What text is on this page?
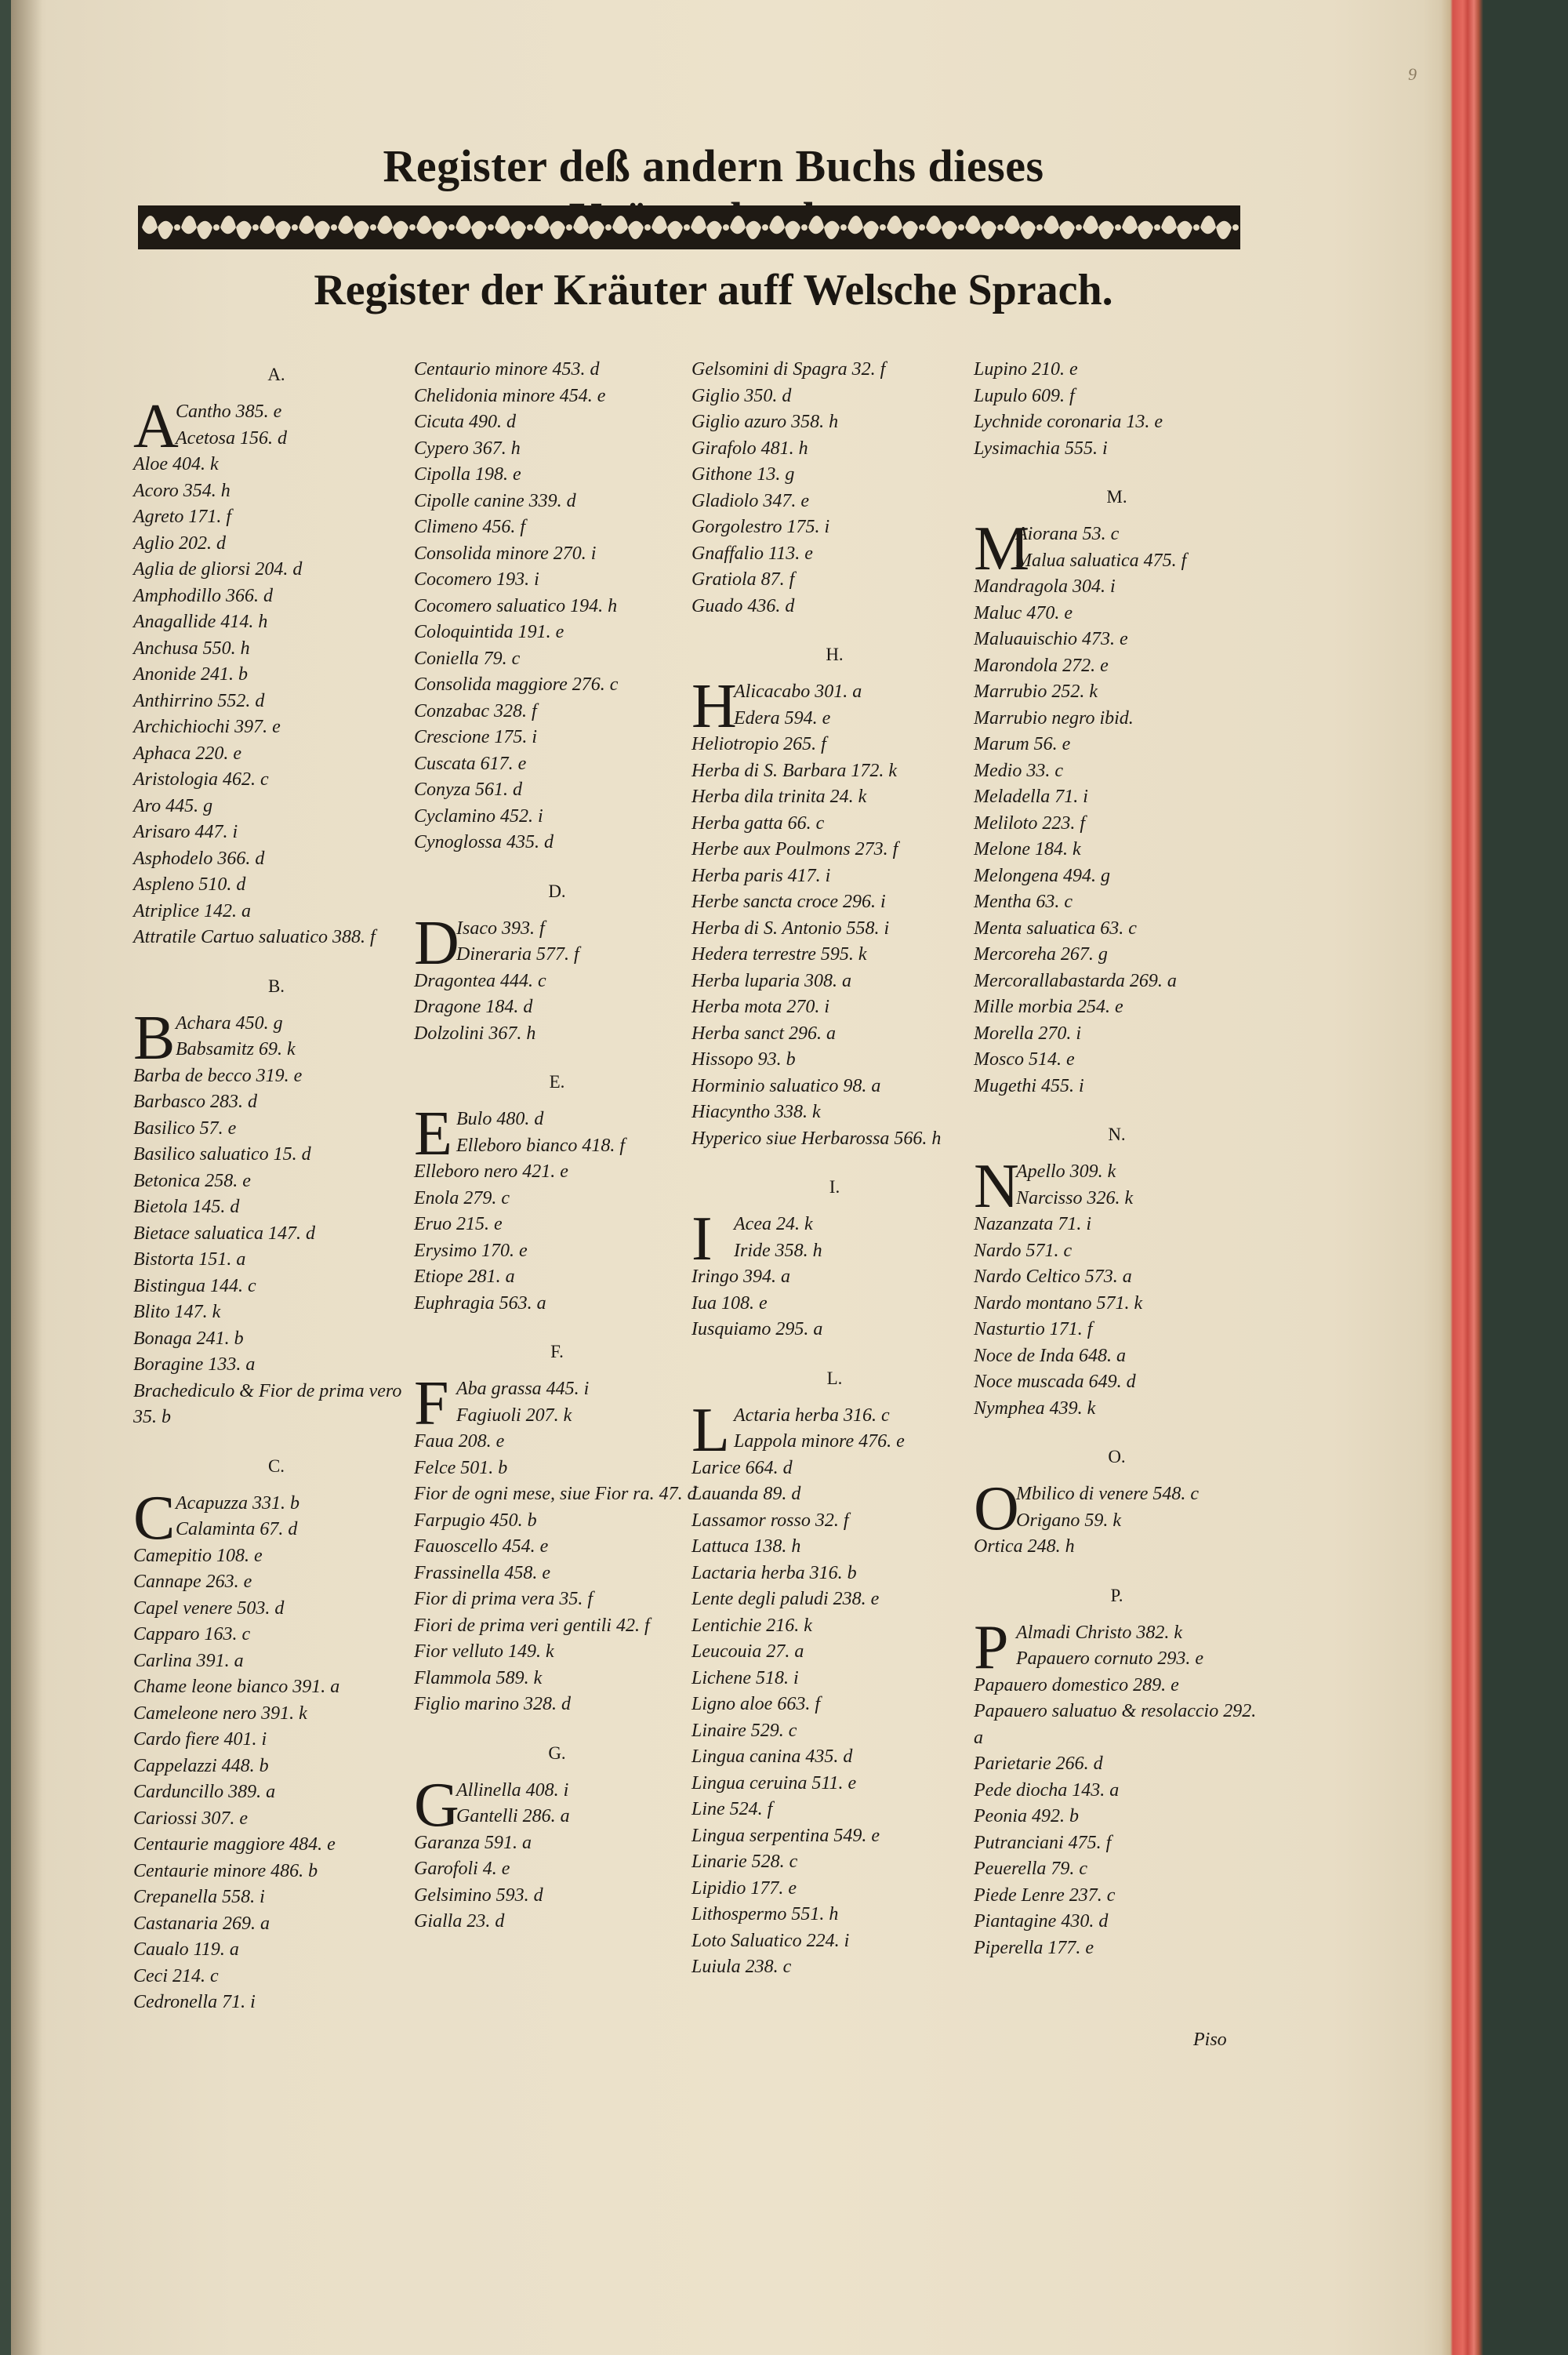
9
Register deß andern Buchs dieses
Register der Kräuter auff Welsche Sprach.
A.
A
Cantho 385. e
Acetosa 156. d
Aloe 404. k
Acoro 354. h
Agreto 171. f
Aglio 202. d
Aglia de gliorsi 204. d
Amphodillo 366. d
Anagallide 414. h
Anchusa 550. h
Anonide 241. b
Anthirrino 552. d
Archichiochi 397. e
Aphaca 220. e
Aristologia 462. c
Aro 445. g
Arisaro 447. i
Asphodelo 366. d
Aspleno 510. d
Atriplice 142. a
Attratile Cartuo saluatico 388. f
B.
B Achara 450. g
Babsamitz 69. k
Barba de becco 319. e
Barbasco 283. d
Basilico 57. e
Basilico saluatico 15. d
Betonica 258. e
Bietola 145. d
Bietace saluatica 147. d
Bistorta 151. a
Bistingua 144. c
Blito 147. k
Bonaga 241. b
Boragine 133. a
Brachediculo & Fior de prima vero 35. b
C.
C Acapuzza 331. b
Calaminta 67. d
Camepitio 108. e
Cannape 263. e
Capel venere 503. d
Capparo 163. c
Carlina 391. a
Chame leone bianco 391. a
Cameleone nero 391. k
Cardo fiere 401. i
Cappelazzi 448. b
Carduncillo 389. a
Cariossi 307. e
Centaurie maggiore 484. e
Centaurie minore 486. b
Crepanella 558. i
Castanaria 269. a
Caualo 119. a
Ceci 214. c
Cedronella 71. i
Centaurio minore 453. d
Chelidonia minore 454. e
Cicuta 490. d
Cypero 367. h
Cipolla 198. e
Cipolle canine 339. d
Climeno 456. f
Consolida minore 270. i
Cocomero 193. i
Cocomero saluatico 194. h
Coloquintida 191. e
Coniella 79. c
Consolida maggiore 276. c
Conzabac 328. f
Crescione 175. i
Cuscata 617. e
Conyza 561. d
Cyclamino 452. i
Cynoglossa 435. d
D.
D
Isaco 393. f
Dineraria 577. f
Dragontea 444. c
Dragone 184. d
Dolzolini 367. h
E.
E Bulo 480. d
Elleboro bianco 418. f
Elleboro nero 421. e
Enola 279. c
Eruo 215. e
Erysimo 170. e
Etiope 281. a
Euphragia 563. a
F.
F Aba grassa 445. i
Fagiuoli 207. k
Faua 208. e
Felce 501. b
Fior de ogni mese, siue Fior ra. 47. d
Farpugio 450. b
Fauoscello 454. e
Frassinella 458. e
Fior di prima vera 35. f
Fiori de prima veri gentili 42. f
Fior velluto 149. k
Flammola 589. k
Figlio marino 328. d
G.
G
Allinella 408. i
Gantelli 286. a
Garanza 591. a
Garofoli 4. e
Gelsimino 593. d
Gialla 23. d
Gelsomini di Spagra 32. f
Giglio 350. d
Giglio azuro 358. h
Girafolo 481. h
Githone 13. g
Gladiolo 347. e
Gorgolestro 175. i
Gnaffalio 113. e
Gratiola 87. f
Guado 436. d
H.
H
Alicacabo 301. a
Edera 594. e
Heliotropio 265. f
Herba di S. Barbara 172. k
Herba dila trinita 24. k
Herba gatta 66. c
Herbe aux Poulmons 273. f
Herba paris 417. i
Herbe sancta croce 296. i
Herba di S. Antonio 558. i
Hedera terrestre 595. k
Herba luparia 308. a
Herba mota 270. i
Herba sanct 296. a
Hissopo 93. b
Horminio saluatico 98. a
Hiacyntho 338. k
Hyperico siue Herbarossa 566. h
I.
I Acea 24. k
Iride 358. h
Iringo 394. a
Iua 108. e
Iusquiamo 295. a
L.
L Actaria herba 316. c
Lappola minore 476. e
Larice 664. d
Lauanda 89. d
Lassamor rosso 32. f
Lattuca 138. h
Lactaria herba 316. b
Lente degli paludi 238. e
Lentichie 216. k
Leucouia 27. a
Lichene 518. i
Ligno aloe 663. f
Linaire 529. c
Lingua canina 435. d
Lingua ceruina 511. e
Line 524. f
Lingua serpentina 549. e
Linarie 528. c
Lipidio 177. e
Lithospermo 551. h
Loto Saluatico 224. i
Luiula 238. c
Lupino 210. e
Lupulo 609. f
Lychnide coronaria 13. e
Lysimachia 555. i
M.
M
Aiorana 53. c
Malua saluatica 475. f
Mandragola 304. i
Maluc 470. e
Maluauischio 473. e
Marondola 272. e
Marrubio 252. k
Marrubio negro ibid.
Marum 56. e
Medio 33. c
Meladella 71. i
Meliloto 223. f
Melone 184. k
Melongena 494. g
Mentha 63. c
Menta saluatica 63. c
Mercoreha 267. g
Mercorallabastarda 269. a
Mille morbia 254. e
Morella 270. i
Mosco 514. e
Mugethi 455. i
N.
N
Apello 309. k
Narcisso 326. k
Nazanzata 71. i
Nardo 571. c
Nardo Celtico 573. a
Nardo montano 571. k
Nasturtio 171. f
Noce de Inda 648. a
Noce muscada 649. d
Nymphea 439. k
O.
O
Mbilico di venere 548. c
Origano 59. k
Ortica 248. h
P.
P Almadi Christo 382. k
Papauero cornuto 293. e
Papauero domestico 289. e
Papauero saluatuo & resolaccio 292. a
Parietarie 266. d
Pede diocha 143. a
Peonia 492. b
Putranciani 475. f
Peuerella 79. c
Piede Lenre 237. c
Piantagine 430. d
Piperella 177. e
Piso
